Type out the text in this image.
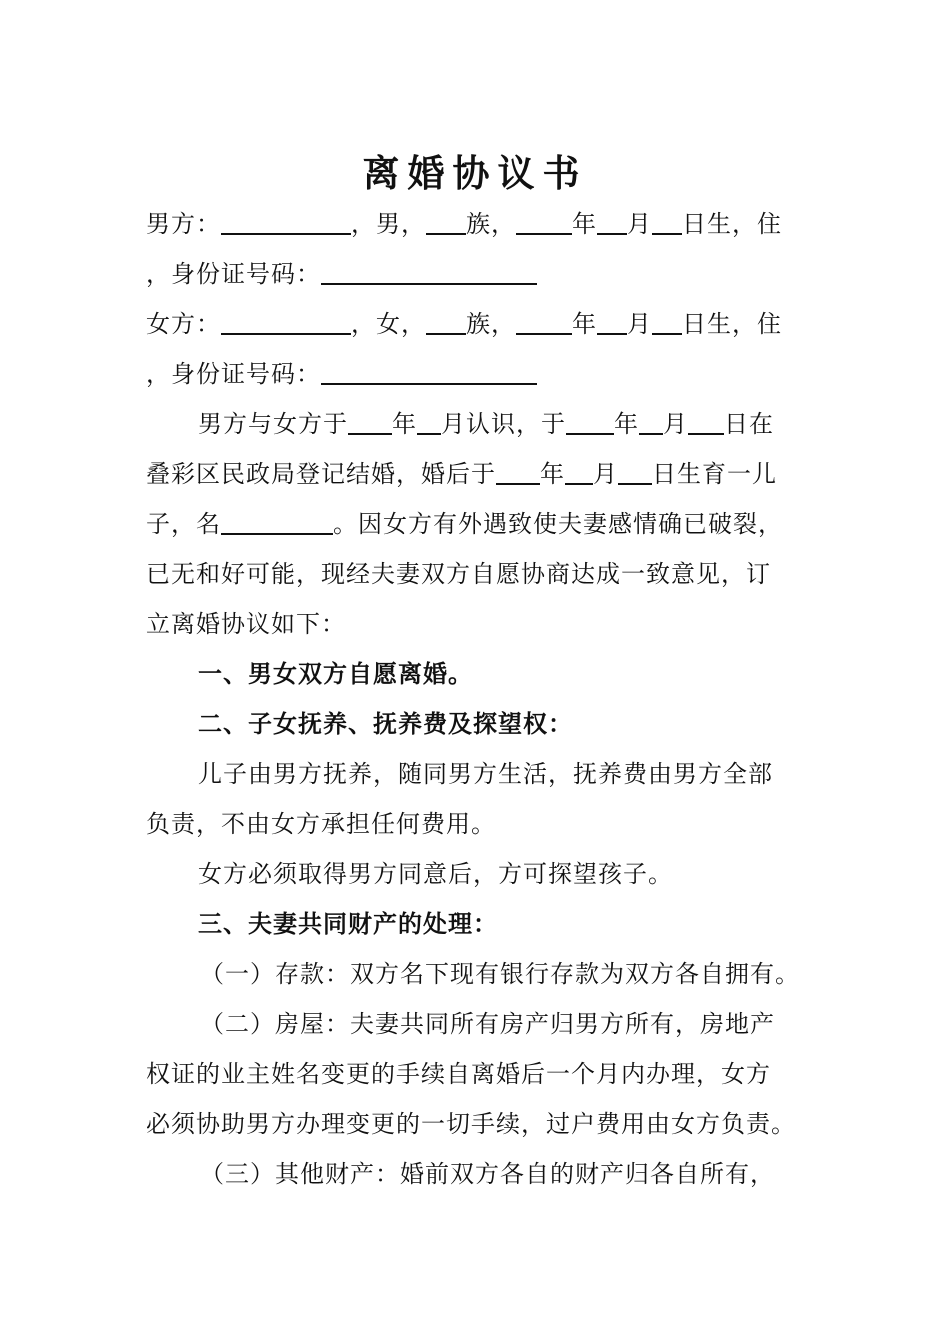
离婚协议书
男方：	，男， 族， 年 月 日生，住
，身份证号码：
女方：	，女， 族， 年 月 日生，住
，身份证号码：
男方与女方于 年 月认识，于 年 月 日在
叠彩区民政局登记结婚，婚后于 年 月 日生育一儿
子，名	。因女方有外遇致使夫妻感情确已破裂，
已无和好可能，现经夫妻双方自愿协商达成一致意见，订
立离婚协议如下：
一、男女双方自愿离婚。
二、子女抚养、抚养费及探望权：
儿子由男方抚养，随同男方生活，抚养费由男方全部
负责，不由女方承担任何费用。
女方必须取得男方同意后，方可探望孩子。
三、夫妻共同财产的处理：
（一）存款：双方名下现有银行存款为双方各自拥有。
（二）房屋：夫妻共同所有房产归男方所有，房地产
权证的业主姓名变更的手续自离婚后一个月内办理，女方
必须协助男方办理变更的一切手续，过户费用由女方负责。
（三）其他财产：婚前双方各自的财产归各自所有，
